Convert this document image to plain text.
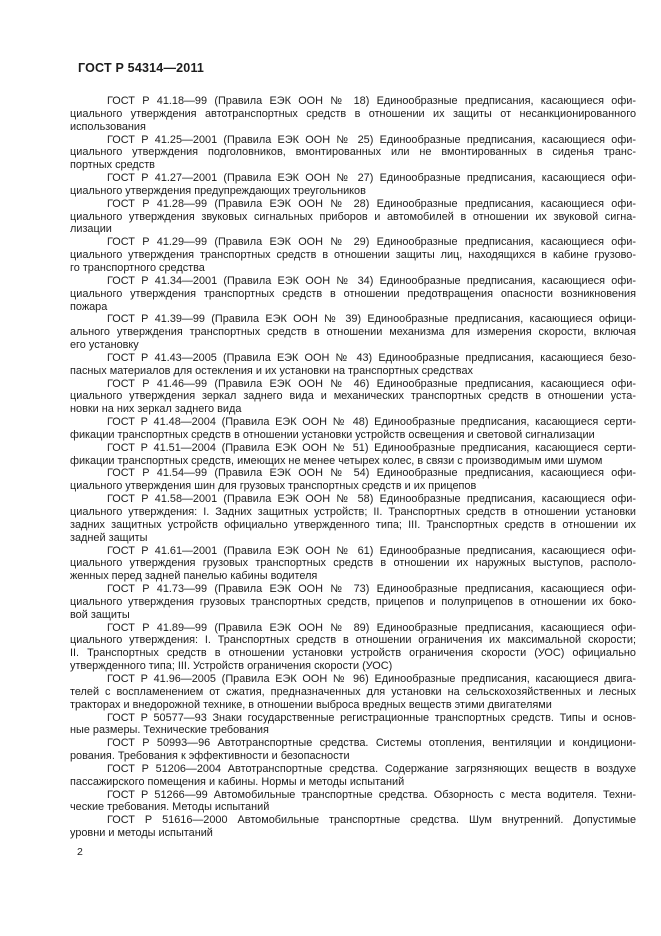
ГОСТ Р 54314—2011
ГОСТ Р 41.18—99 (Правила ЕЭК ООН № 18) Единообразные предписания, касающиеся офи-
циального утверждения автотранспортных средств в отношении их защиты от несанкционированного
использования
ГОСТ Р 41.25—2001 (Правила ЕЭК ООН № 25) Единообразные предписания, касающиеся офи-
циального утверждения подголовников, вмонтированных или не вмонтированных в сиденья транс-
портных средств
ГОСТ Р 41.27—2001 (Правила ЕЭК ООН № 27) Единообразные предписания, касающиеся офи-
циального утверждения предупреждающих треугольников
ГОСТ Р 41.28—99 (Правила ЕЭК ООН № 28) Единообразные предписания, касающиеся офи-
циального утверждения звуковых сигнальных приборов и автомобилей в отношении их звуковой сигна-
лизации
ГОСТ Р 41.29—99 (Правила ЕЭК ООН № 29) Единообразные предписания, касающиеся офи-
циального утверждения транспортных средств в отношении защиты лиц, находящихся в кабине грузово-
го транспортного средства
ГОСТ Р 41.34—2001 (Правила ЕЭК ООН № 34) Единообразные предписания, касающиеся офи-
циального утверждения транспортных средств в отношении предотвращения опасности возникновения
пожара
ГОСТ Р 41.39—99 (Правила ЕЭК ООН № 39) Единообразные предписания, касающиеся офици-
ального утверждения транспортных средств в отношении механизма для измерения скорости, включая
его установку
ГОСТ Р 41.43—2005 (Правила ЕЭК ООН № 43) Единообразные предписания, касающиеся безо-
пасных материалов для остекления и их установки на транспортных средствах
ГОСТ Р 41.46—99 (Правила ЕЭК ООН № 46) Единообразные предписания, касающиеся офи-
циального утверждения зеркал заднего вида и механических транспортных средств в отношении уста-
новки на них зеркал заднего вида
ГОСТ Р 41.48—2004 (Правила ЕЭК ООН № 48) Единообразные предписания, касающиеся серти-
фикации транспортных средств в отношении установки устройств освещения и световой сигнализации
ГОСТ Р 41.51—2004 (Правила ЕЭК ООН № 51) Единообразные предписания, касающиеся серти-
фикации транспортных средств, имеющих не менее четырех колес, в связи с производимым ими шумом
ГОСТ Р 41.54—99 (Правила ЕЭК ООН № 54) Единообразные предписания, касающиеся офи-
циального утверждения шин для грузовых транспортных средств и их прицепов
ГОСТ Р 41.58—2001 (Правила ЕЭК ООН № 58) Единообразные предписания, касающиеся офи-
циального утверждения: I. Задних защитных устройств; II. Транспортных средств в отношении установки
задних защитных устройств официально утвержденного типа; III. Транспортных средств в отношении их
задней защиты
ГОСТ Р 41.61—2001 (Правила ЕЭК ООН № 61) Единообразные предписания, касающиеся офи-
циального утверждения грузовых транспортных средств в отношении их наружных выступов, располо-
женных перед задней панелью кабины водителя
ГОСТ Р 41.73—99 (Правила ЕЭК ООН № 73) Единообразные предписания, касающиеся офи-
циального утверждения грузовых транспортных средств, прицепов и полуприцепов в отношении их боко-
вой защиты
ГОСТ Р 41.89—99 (Правила ЕЭК ООН № 89) Единообразные предписания, касающиеся офи-
циального утверждения: I. Транспортных средств в отношении ограничения их максимальной скорости;
II. Транспортных средств в отношении установки устройств ограничения скорости (УОС) официально
утвержденного типа; III. Устройств ограничения скорости (УОС)
ГОСТ Р 41.96—2005 (Правила ЕЭК ООН № 96) Единообразные предписания, касающиеся двига-
телей с воспламенением от сжатия, предназначенных для установки на сельскохозяйственных и лесных
тракторах и внедорожной технике, в отношении выброса вредных веществ этими двигателями
ГОСТ Р 50577—93 Знаки государственные регистрационные транспортных средств. Типы и основ-
ные размеры. Технические требования
ГОСТ Р 50993—96 Автотранспортные средства. Системы отопления, вентиляции и кондициони-
рования. Требования к эффективности и безопасности
ГОСТ Р 51206—2004 Автотранспортные средства. Содержание загрязняющих веществ в воздухе
пассажирского помещения и кабины. Нормы и методы испытаний
ГОСТ Р 51266—99 Автомобильные транспортные средства. Обзорность с места водителя. Техни-
ческие требования. Методы испытаний
ГОСТ Р 51616—2000 Автомобильные транспортные средства. Шум внутренний. Допустимые
уровни и методы испытаний
2
